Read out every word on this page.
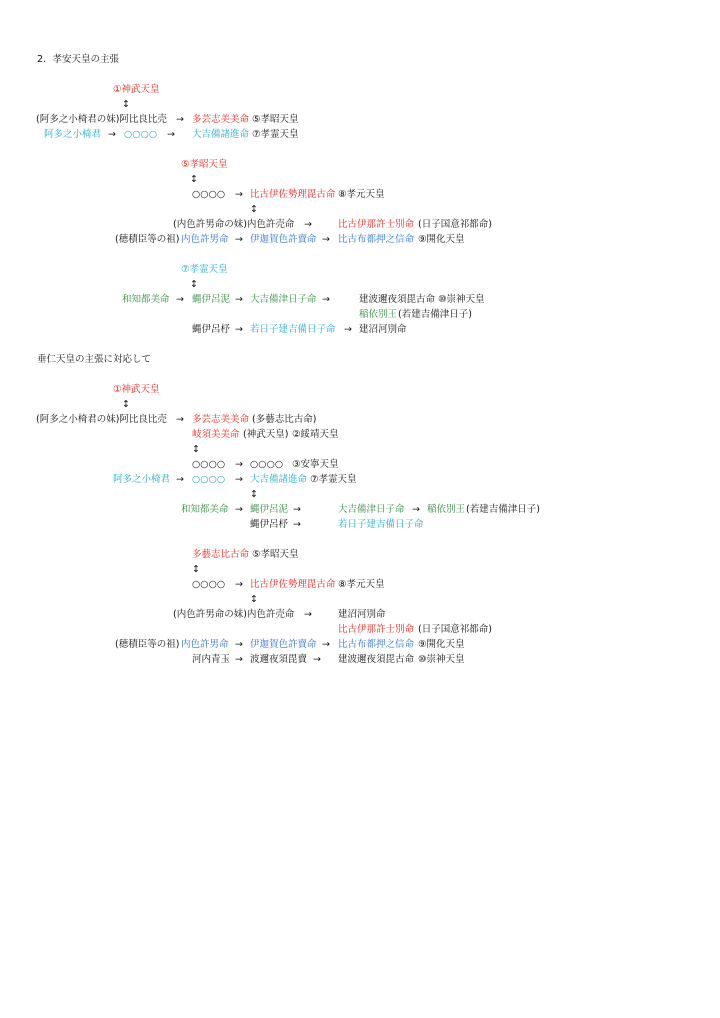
2．孝安天皇の主張
①神武天皇
↕
(阿多之小椅君の妹)阿比良比売 → 多芸志美美命 ⑤孝昭天皇
阿多之小椅君 → ○○○○ → 大吉備諸進命 ⑦孝霊天皇
⑤孝昭天皇
↕
○○○○ → 比古伊佐勢理毘古命 ⑧孝元天皇
↕
(内色許男命の妹)内色許売命 →	比古伊那許士別命 (日子国意祁都命)
(穂積臣等の祖) 内色許男命 → 伊迦賀色許賣命 → 比古布都押之信命 ⑨開化天皇
⑦孝霊天皇
↕
和知都美命 → 蝿伊呂泥 → 大吉備津日子命 →	建波邇夜須毘古命 ⑩崇神天皇
稲依別王 (若建吉備津日子)
蝿伊呂杼 → 若日子建吉備日子命 → 建沼河別命
垂仁天皇の主張に対応して
①神武天皇
↕
(阿多之小椅君の妹)阿比良比売 → 多芸志美美命 (多藝志比古命)
岐須美美命 (神武天皇) ②綏靖天皇
↕
○○○○ → ○○○○ ③安寧天皇
阿多之小椅君 → ○○○○ → 大吉備諸進命 ⑦孝霊天皇
↕
和知都美命 → 蝿伊呂泥 →	大吉備津日子命 → 稲依別王 (若建吉備津日子)
蝿伊呂杼 →	若日子建吉備日子命
多藝志比古命 ⑤孝昭天皇
↕
○○○○ → 比古伊佐勢理毘古命 ⑧孝元天皇
↕
(内色許男命の妹)内色許売命 →	建沼河別命
比古伊那許士別命 (日子国意祁都命)
(穂積臣等の祖) 内色許男命 → 伊迦賀色許賣命 → 比古布都押之信命 ⑨開化天皇
河内青玉 → 波邇夜須毘賣 → 建波邇夜須毘古命 ⑩崇神天皇
